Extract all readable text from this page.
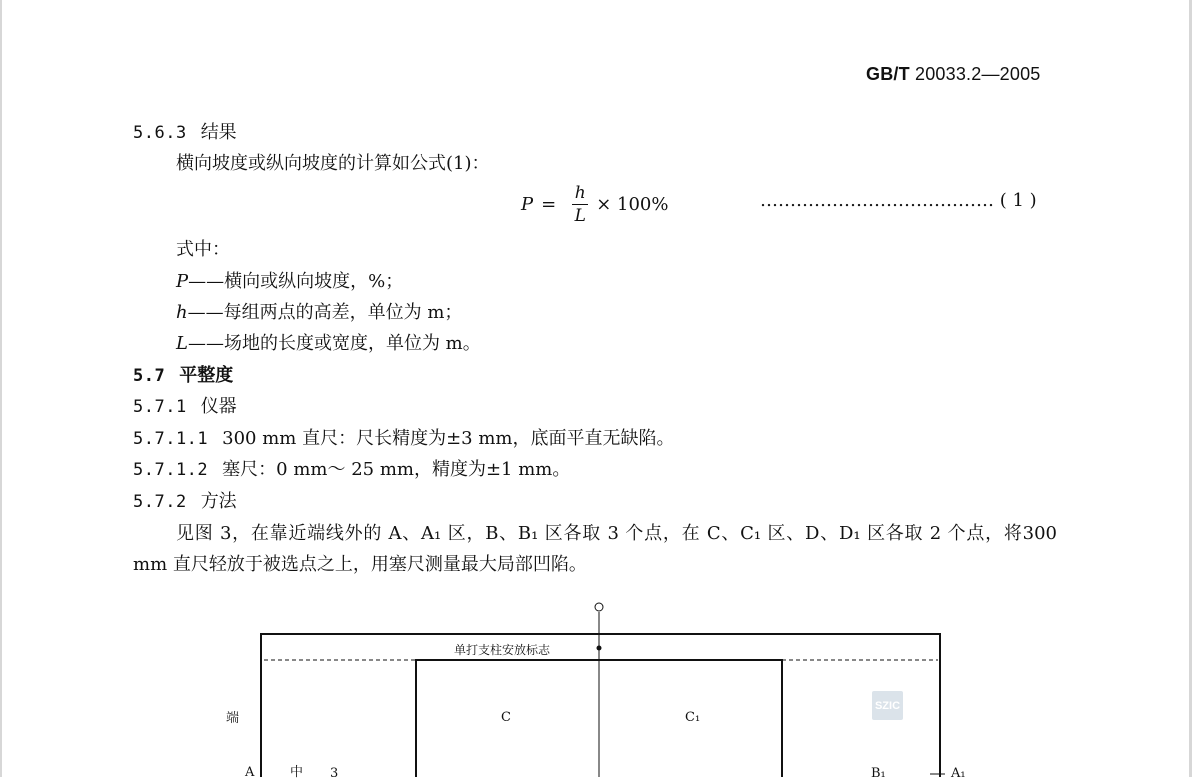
GB/T 20033.2—2005
5.6.3 结果
横向坡度或纵向坡度的计算如公式(1)：
$P = \frac{h}{L} \times 100\%$	………………………………… ( 1 )
式中：
P——横向或纵向坡度，%；
h——每组两点的高差，单位为 m；
L——场地的长度或宽度，单位为 m。
5.7 平整度
5.7.1 仪器
5.7.1.1 300 mm 直尺：尺长精度为±3 mm，底面平直无缺陷。
5.7.1.2 塞尺：0 mm～ 25 mm，精度为±1 mm。
5.7.2 方法
见图 3，在靠近端线外的 A、A₁ 区，B、B₁ 区各取 3 个点，在 C、C₁ 区、D、D₁ 区各取 2 个点，将300 mm 直尺轻放于被选点之上，用塞尺测量最大局部凹陷。
单打支柱安放标志
端	C	C₁
A	中 3	B₁	A₁
SZIC
